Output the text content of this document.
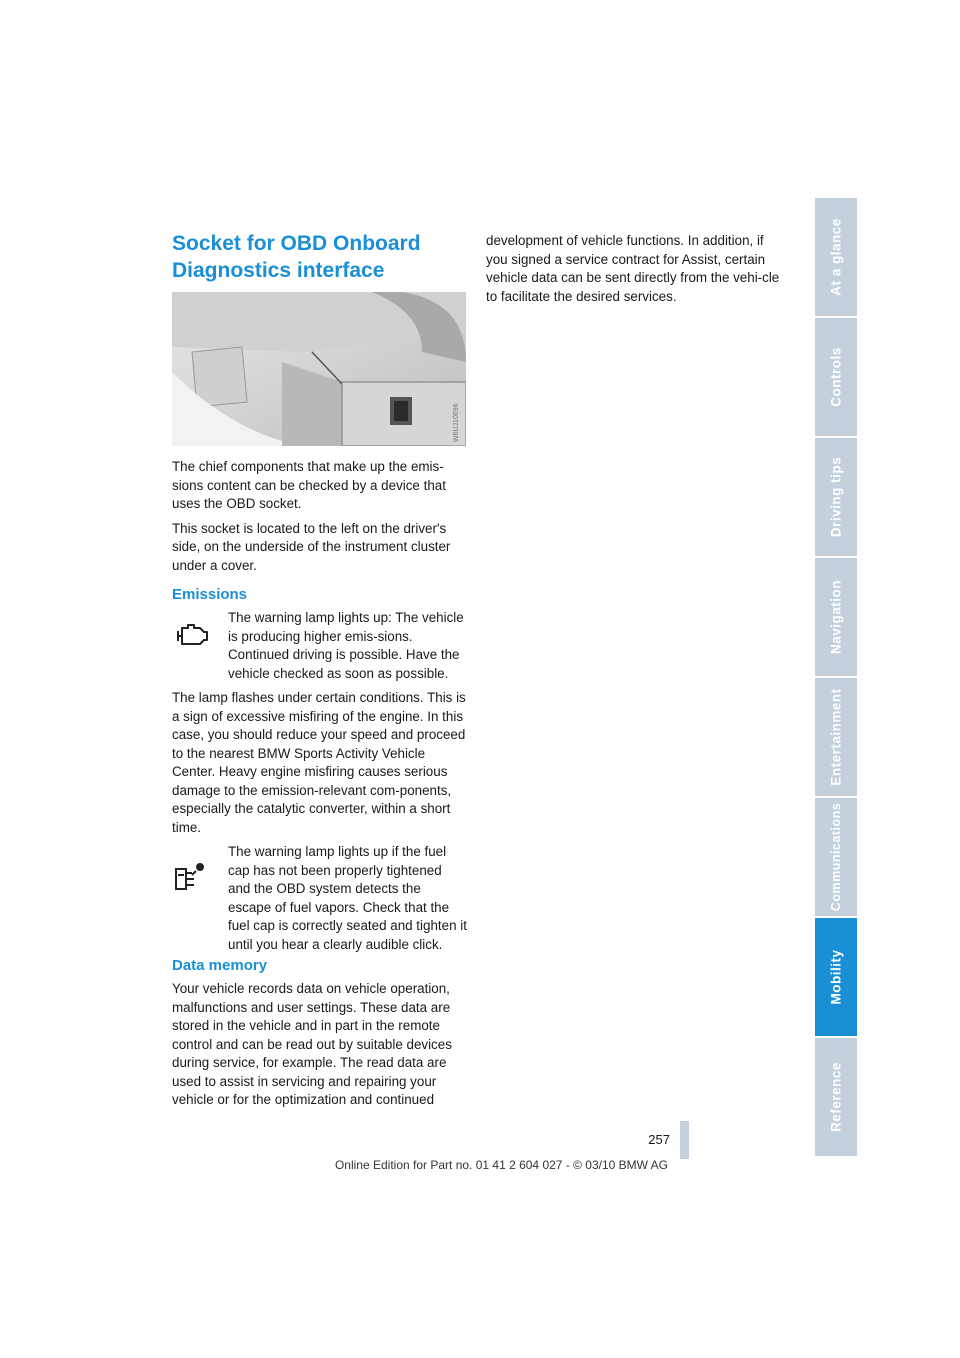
Socket for OBD Onboard Diagnostics interface
W6UJ10696

The chief components that make up the emis-sions content can be checked by a device that uses the OBD socket.

This socket is located to the left on the driver's side, on the underside of the instrument cluster under a cover.

Emissions

The warning lamp lights up: The vehicle is producing higher emis-sions. Continued driving is possible. Have the vehicle checked as soon as possible.

The lamp flashes under certain conditions. This is a sign of excessive misfiring of the engine. In this case, you should reduce your speed and proceed to the nearest BMW Sports Activity Vehicle Center. Heavy engine misfiring causes serious damage to the emission-relevant com-ponents, especially the catalytic converter, within a short time.

The warning lamp lights up if the fuel cap has not been properly tightened and the OBD system detects the escape of fuel vapors. Check that the fuel cap is correctly seated and tighten it until you hear a clearly audible click.

Data memory

Your vehicle records data on vehicle operation, malfunctions and user settings. These data are stored in the vehicle and in part in the remote control and can be read out by suitable devices during service, for example. The read data are used to assist in servicing and repairing your vehicle or for the optimization and continued

development of vehicle functions. In addition, if you signed a service contract for Assist, certain vehicle data can be sent directly from the vehi-cle to facilitate the desired services.

At a glance
Controls
Driving tips
Navigation
Entertainment
Communications
Mobility
Reference
257
Online Edition for Part no. 01 41 2 604 027 - © 03/10 BMW AG
